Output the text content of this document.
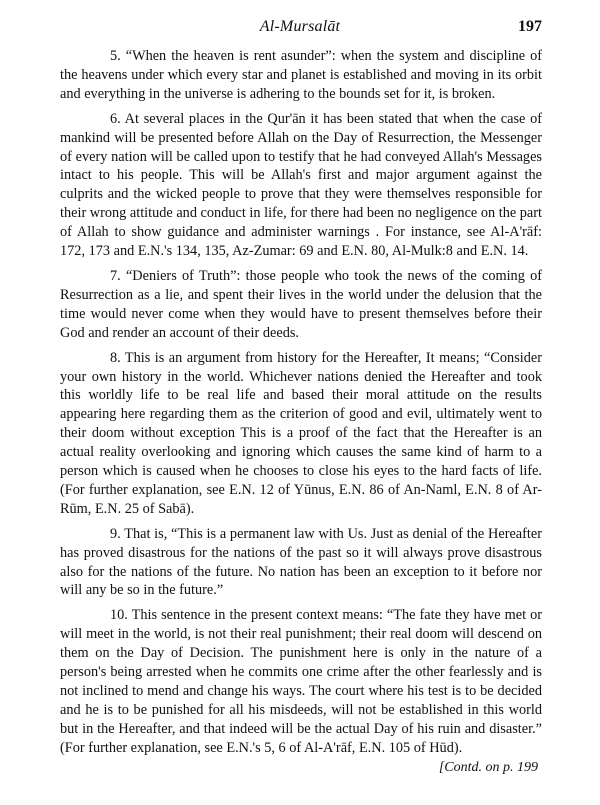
Al-Mursalāt	197

5. “When the heaven is rent asunder”: when the system and discipline of the heavens under which every star and planet is established and moving in its orbit and everything in the universe is adhering to the bounds set for it, is broken.

6. At several places in the Qur'ān it has been stated that when the case of mankind will be presented before Allah on the Day of Resurrection, the Messenger of every nation will be called upon to testify that he had conveyed Allah's Messages intact to his people. This will be Allah's first and major argument against the culprits and the wicked people to prove that they were themselves responsible for their wrong attitude and conduct in life, for there had been no negligence on the part of Allah to show guidance and administer warnings . For instance, see Al-A'rāf: 172, 173 and E.N.'s 134, 135, Az-Zumar: 69 and E.N. 80, Al-Mulk:8 and E.N. 14.

7. “Deniers of Truth”: those people who took the news of the coming of Resurrection as a lie, and spent their lives in the world under the delusion that the time would never come when they would have to present themselves before their God and render an account of their deeds.

8. This is an argument from history for the Hereafter, It means; “Consider your own history in the world. Whichever nations denied the Hereafter and took this worldly life to be real life and based their moral attitude on the results appearing here regarding them as the criterion of good and evil, ultimately went to their doom without exception This is a proof of the fact that the Hereafter is an actual reality overlooking and ignoring which causes the same kind of harm to a person which is caused when he chooses to close his eyes to the hard facts of life. (For further explanation, see E.N. 12 of Yūnus, E.N. 86 of An-Naml, E.N. 8 of Ar-Rūm, E.N. 25 of Sabā).

9. That is, “This is a permanent law with Us. Just as denial of the Hereafter has proved disastrous for the nations of the past so it will always prove disastrous also for the nations of the future. No nation has been an exception to it before nor will any be so in the future.”

10. This sentence in the present context means: “The fate they have met or will meet in the world, is not their real punishment; their real doom will descend on them on the Day of Decision. The punishment here is only in the nature of a person's being arrested when he commits one crime after the other fearlessly and is not inclined to mend and change his ways. The court where his test is to be decided and he is to be punished for all his misdeeds, will not be established in this world but in the Hereafter, and that indeed will be the actual Day of his ruin and disaster.” (For further explanation, see E.N.'s 5, 6 of Al-A'rāf, E.N. 105 of Hūd).

[Contd. on p. 199
